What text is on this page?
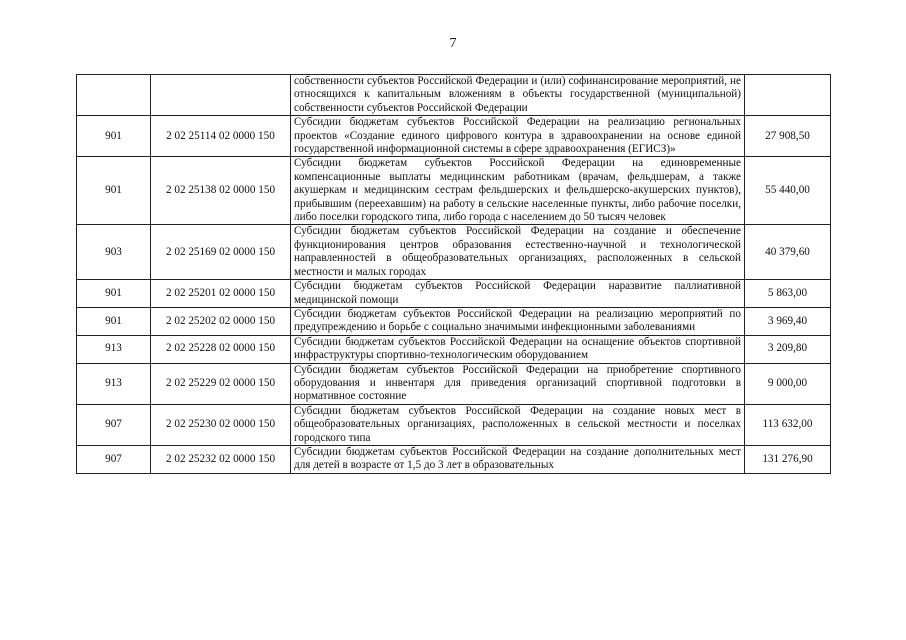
7
		собственности субъектов Российской Федерации и (или) софинансирование мероприятий, не относящихся к капитальным вложениям в объекты государственной (муниципальной) собственности субъектов Российской Федерации	
901	2 02 25114 02 0000 150	Субсидии бюджетам субъектов Российской Федерации на реализацию региональных проектов «Создание единого цифрового контура в здравоохранении на основе единой государственной информационной системы в сфере здравоохранения (ЕГИСЗ)»	27 908,50
901	2 02 25138 02 0000 150	Субсидии бюджетам субъектов Российской Федерации на единовременные компенсационные выплаты медицинским работникам (врачам, фельдшерам, а также акушеркам и медицинским сестрам фельдшерских и фельдшерско-акушерских пунктов), прибывшим (переехавшим) на работу в сельские населенные пункты, либо рабочие поселки, либо поселки городского типа, либо города с населением до 50 тысяч человек	55 440,00
903	2 02 25169 02 0000 150	Субсидии бюджетам субъектов Российской Федерации на создание и обеспечение функционирования центров образования естественно-научной и технологической направленностей в общеобразовательных организациях, расположенных в сельской местности и малых городах	40 379,60
901	2 02 25201 02 0000 150	Субсидии бюджетам субъектов Российской Федерации наразвитие паллиативной медицинской помощи	5 863,00
901	2 02 25202 02 0000 150	Субсидии бюджетам субъектов Российской Федерации на реализацию мероприятий по предупреждению и борьбе с социально значимыми инфекционными заболеваниями	3 969,40
913	2 02 25228 02 0000 150	Субсидии бюджетам субъектов Российской Федерации на оснащение объектов спортивной инфраструктуры спортивно-технологическим оборудованием	3 209,80
913	2 02 25229 02 0000 150	Субсидии бюджетам субъектов Российской Федерации на приобретение спортивного оборудования и инвентаря для приведения организаций спортивной подготовки в нормативное состояние	9 000,00
907	2 02 25230 02 0000 150	Субсидии бюджетам субъектов Российской Федерации на создание новых мест в общеобразовательных организациях, расположенных в сельской местности и поселках городского типа	113 632,00
907	2 02 25232 02 0000 150	Субсидии бюджетам субъектов Российской Федерации на создание дополнительных мест для детей в возрасте от 1,5 до 3 лет в образовательных	131 276,90
